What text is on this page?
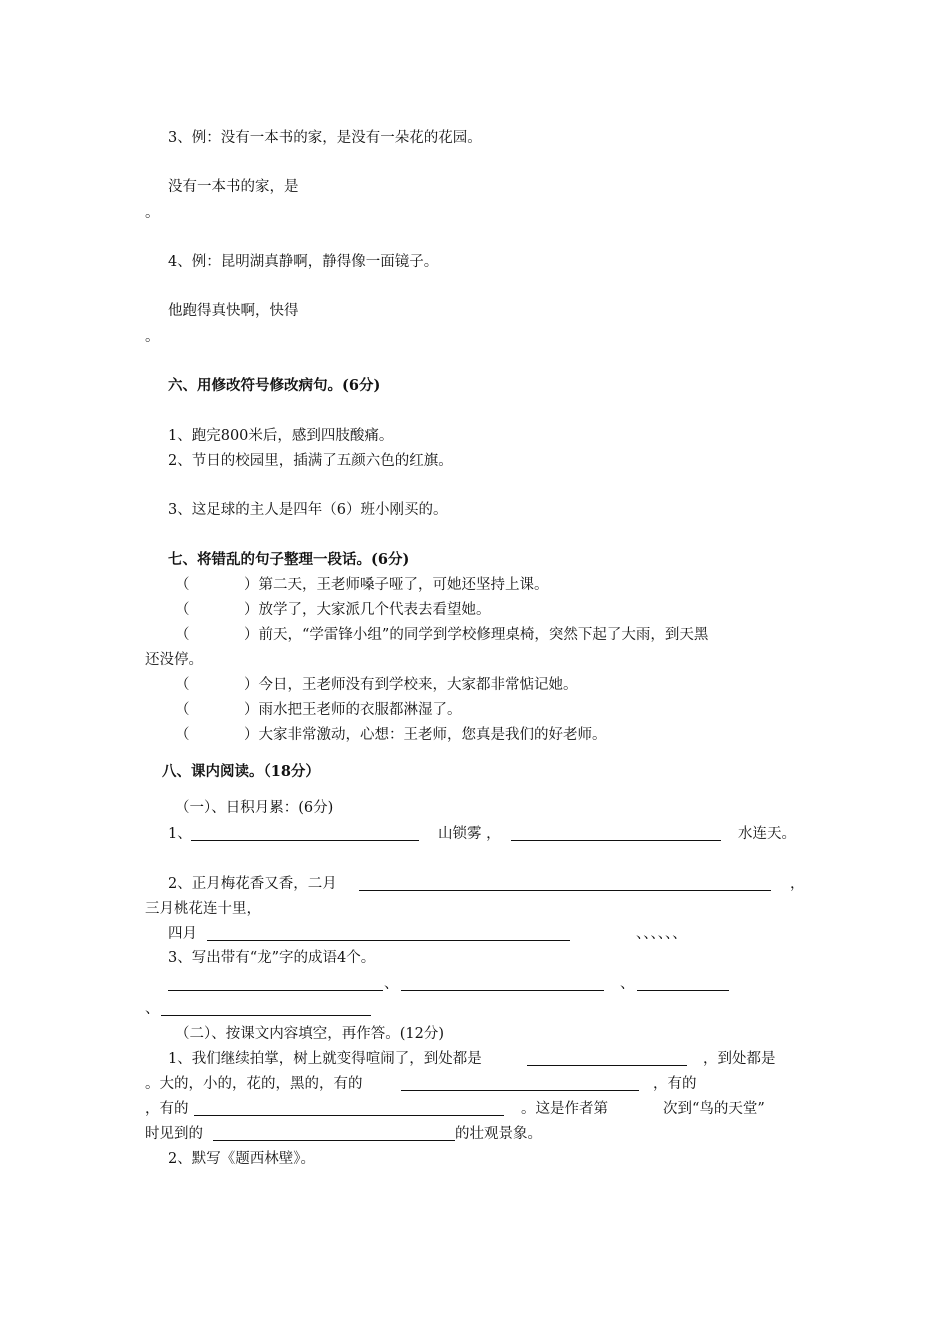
3、例：没有一本书的家，是没有一朵花的花园。
没有一本书的家，是
。
4、例：昆明湖真静啊，静得像一面镜子。
他跑得真快啊，快得
。
六、用修改符号修改病句。(6分)
1、跑完800米后，感到四肢酸痛。
2、节日的校园里，插满了五颜六色的红旗。
3、这足球的主人是四年（6）班小刚买的。
七、将错乱的句子整理一段话。(6分)
（	）第二天，王老师嗓子哑了，可她还坚持上课。
（	）放学了，大家派几个代表去看望她。
（	）前天，“学雷锋小组”的同学到学校修理桌椅，突然下起了大雨，到天黑
还没停。
（	）今日，王老师没有到学校来，大家都非常惦记她。
（	）雨水把王老师的衣服都淋湿了。
（	）大家非常激动，心想：王老师，您真是我们的好老师。
八、课内阅读。（18分）
（一）、日积月累：(6分)
1、	山锁雾 ，	水连天。
2、正月梅花香又香，二月	，
三月桃花连十里，
四月	、、、、、、
3、写出带有“龙”字的成语4个。
、	、
、
（二）、按课文内容填空，再作答。(12分)
1、我们继续拍掌，树上就变得喧闹了，到处都是	，到处都是
。大的，小的，花的，黑的，有的	，有的
，有的	。这是作者第	次到“鸟的天堂”
时见到的	的壮观景象。
2、默写《题西林壁》。
